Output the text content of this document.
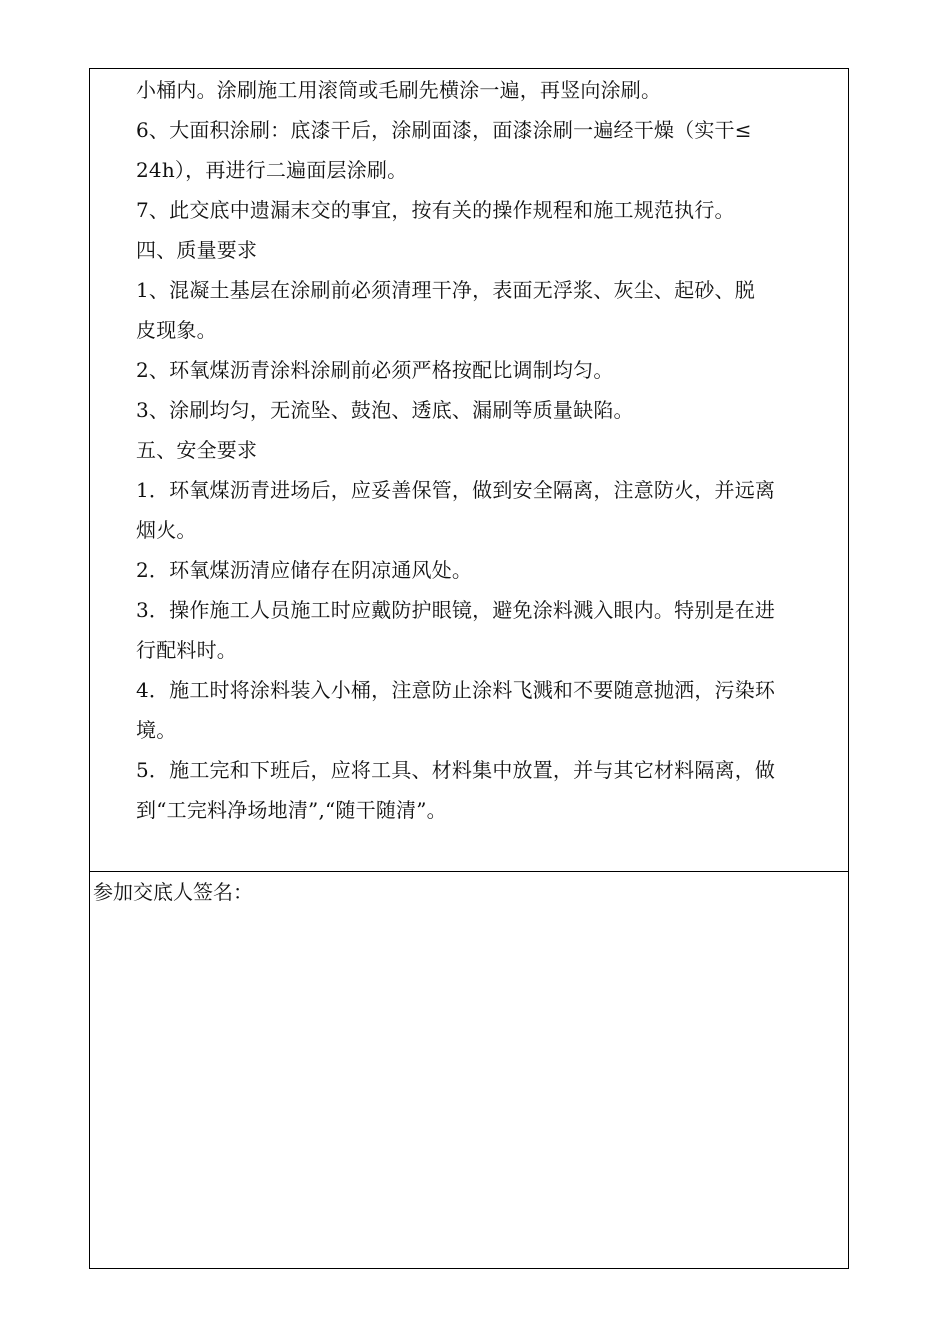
小桶内。涂刷施工用滚筒或毛刷先横涂一遍，再竖向涂刷。
6、大面积涂刷：底漆干后，涂刷面漆，面漆涂刷一遍经干燥（实干≤
24h），再进行二遍面层涂刷。
7、此交底中遗漏末交的事宜，按有关的操作规程和施工规范执行。
四、质量要求
1、混凝土基层在涂刷前必须清理干净，表面无浮浆、灰尘、起砂、脱
皮现象。
2、环氧煤沥青涂料涂刷前必须严格按配比调制均匀。
3、涂刷均匀，无流坠、鼓泡、透底、漏刷等质量缺陷。
五、安全要求
1．环氧煤沥青进场后，应妥善保管，做到安全隔离，注意防火，并远离
烟火。
2．环氧煤沥清应储存在阴凉通风处。
3．操作施工人员施工时应戴防护眼镜，避免涂料溅入眼内。特别是在进
行配料时。
4．施工时将涂料装入小桶，注意防止涂料飞溅和不要随意抛洒，污染环
境。
5．施工完和下班后，应将工具、材料集中放置，并与其它材料隔离，做
到“工完料净场地清”,“随干随清”。
参加交底人签名：
